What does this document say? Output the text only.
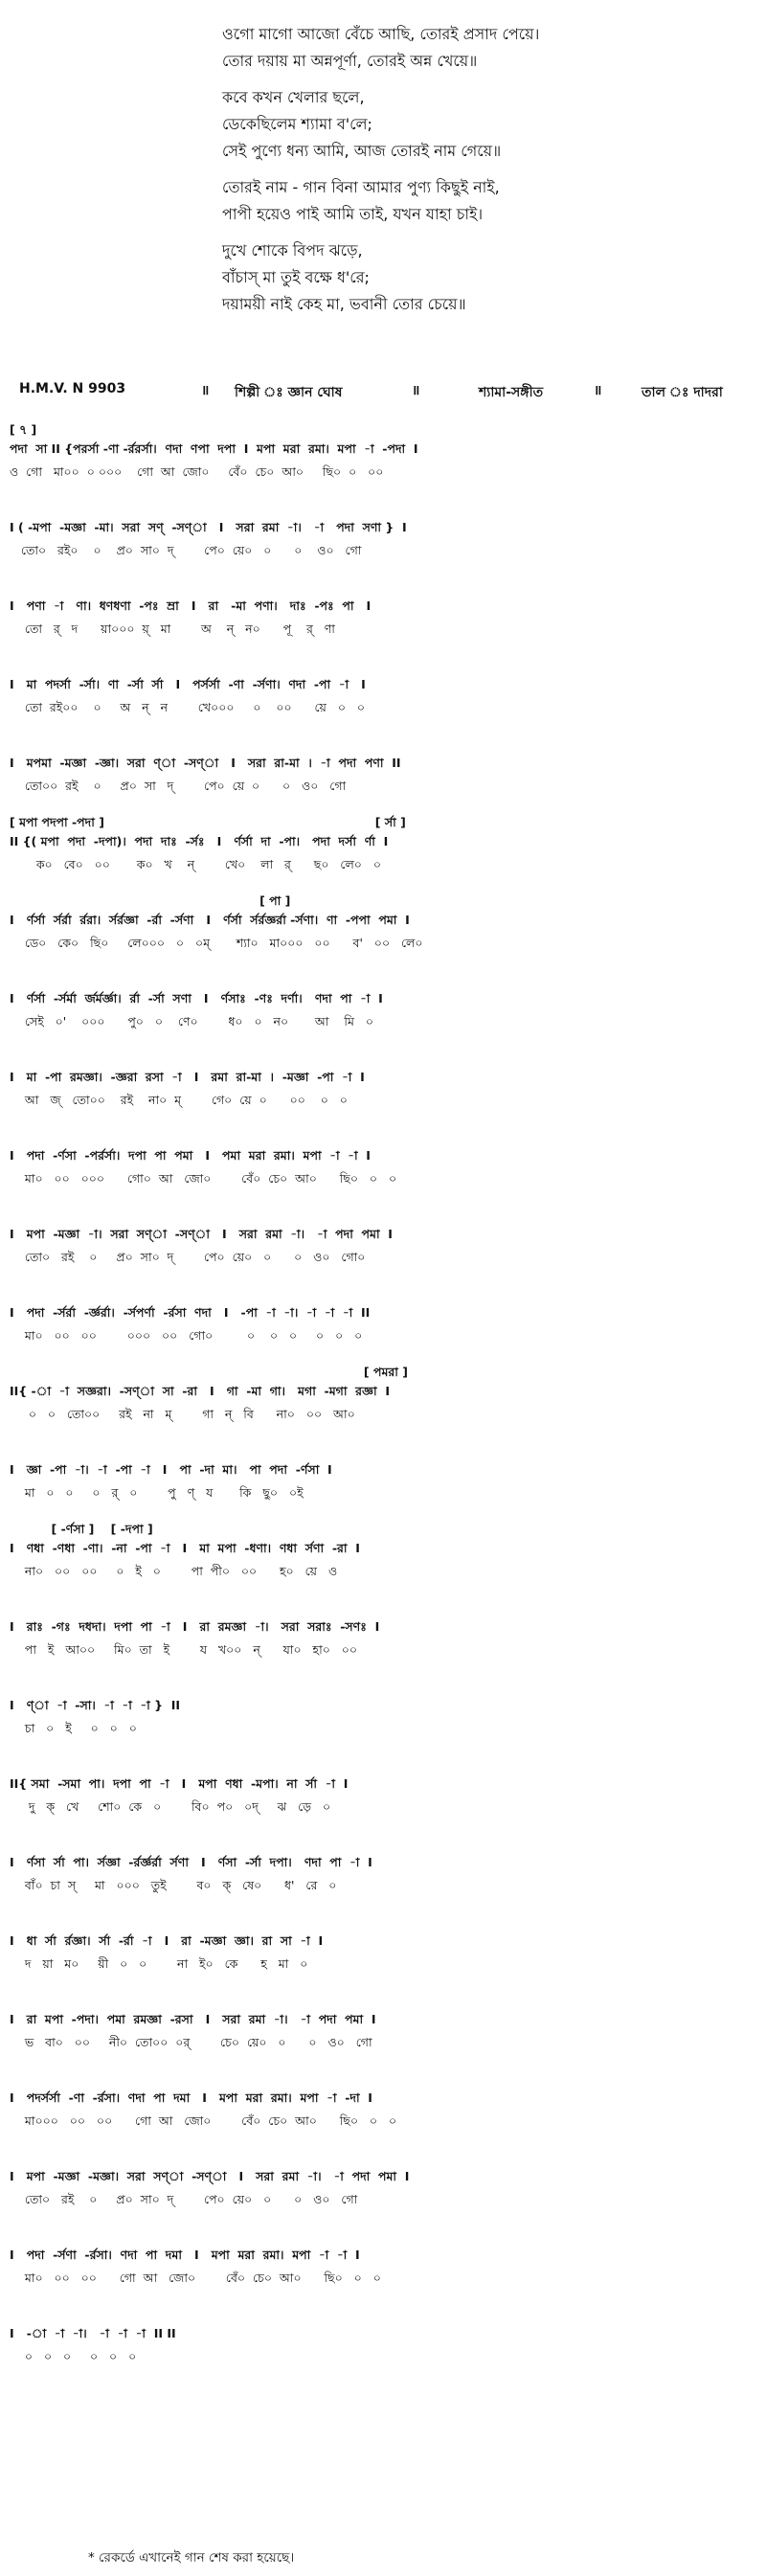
ওগো মাগো আজো বেঁচে আছি, তোরই প্রসাদ পেয়ে।

তোর দয়ায় মা অন্নপূর্ণা, তোরই অন্ন খেয়ে॥

কবে কখন খেলার ছলে,

ডেকেছিলেম শ্যামা ব'লে;

সেই পুণ্যে ধন্য আমি, আজ তোরই নাম গেয়ে॥

তোরই নাম - গান বিনা আমার পুণ্য কিছুই নাই,

পাপী হয়েও পাই আমি তাই, যখন যাহা চাই।

দুখে শোকে বিপদ ঝড়ে,

বাঁচাস্ মা তুই বক্ষে ধ'রে;

দয়াময়ী নাই কেহ মা, ভবানী তোর চেয়ে॥

H.M.V. N 9903	॥ শিল্পী ঃ জ্ঞান ঘোষ	॥	শ্যামা-সঙ্গীত	॥	তাল ঃ দাদরা
[ ৭ ]
পদা  সা II {পরর্সা -ণা -র্ররর্সা।  ণদা  ণপা  দপা  I  মপা  মরা  রমা।  মপা  -া  -পদা  I
ও  গো   মা০০  ০ ০০০    গো  আ  জো০     বেঁ০  চে০  আ০     ছি০  ০   ০০
I ( -মপা  -মজ্ঞা  -মা।  সরা  সণ্  -সণ্া   I   সরা  রমা  -া।   -া   পদা  সণা }  I
তো০   রই০    ০    প্র০  সা০  দ্        পে০  য়ে০   ০      ০    ও০   গো
I   পণা  -া   ণা।  ধণধণা  -পঃ  ম্রা   I   রা   -মা  পণা।   দাঃ  -পঃ  পা   I
তো   র্   দ      য়া০০০  য়্   মা        অ    ন্   ন০      পূ    র্   ণা
I   মা  পদর্সা  -র্সা।  ণা  -র্সা  র্সা   I   পর্সর্সা  -ণা  -র্সণা।  ণদা  -পা  -া   I
তো  রই০০    ০     অ   ন্   ন        খে০০০     ০    ০০      য়ে   ০   ০
I   মপমা  -মজ্ঞা  -জ্ঞা।  সরা  ণ্া  -সণ্া   I   সরা  রা-মা  ।  -া  পদা  পণা  II
তো০০  রই    ০     প্র০  সা   দ্        পে০  য়ে  ০      ০   ও০   গো
[ মপা পদপা -পদা ]                                                                 [ র্সা ]
II {( মপা  পদা  -দপা)।  পদা  দাঃ  -র্সঃ   I   র্ণর্সা  দা  -পা।   পদা  দর্সা  র্ণা  I
ক০   বে০   ০০       ক০   খ    ন্        খে০    লা   র্      ছ০   লে০   ০
[ পা ]
I   র্ণর্সা  র্সর্রা  র্ররা।  র্সর্রজ্ঞা  -র্রা  -র্সণা   I   র্ণর্সা  র্সর্রজ্ঞর্রা -র্সণা।  ণা  -পপা  পমা  I
ডে০   কে০   ছি০     লে০০০   ০   ০ম্       শ্যা০   মা০০০   ০০      ব'   ০০   লে০
I   র্ণর্সা  -র্সর্মা  র্জর্মর্জ্ঞা।  র্রা  -র্সা  সণা   I   র্ণসাঃ  -ণঃ  দর্ণা।   ণদা  পা  -া  I
সেই   ০'    ০০০      পু০   ০    ণে০        ধ০   ০   ন০       আ    মি   ০
I   মা  -পা  রমজ্ঞা।  -জ্ঞরা  রসা  -া   I   রমা  রা-মা  ।  -মজ্ঞা  -পা  -া  I
আ   জ্   তো০০    রই    না০  ম্        গে০  য়ে  ০      ০০    ০   ০
I   পদা  -র্ণসা  -পর্রর্সা।  দপা  পা  পমা   I   পমা  মরা  রমা।  মপা  -া  -া  I
মা০   ০০   ০০০      গো০  আ   জো০        বেঁ০  চে০  আ০      ছি০   ০   ০
I   মপা  -মজ্ঞা  -া।  সরা  সণ্া  -সণ্া   I   সরা  রমা  -া।   -া  পদা  পমা  I
তো০   রই    ০     প্র০  সা০  দ্        পে০  য়ে০   ০      ০   ও০   গো০
I   পদা  -র্সর্রা  -র্জ্ঞর্রা।  -র্সপর্ণা  -র্রসা  ণদা   I   -পা  -া  -া।  -া  -া  -া  II
মা০   ০০   ০০        ০০০   ০০   গো০         ০    ০   ০     ০   ০   ০
[ পমরা ]
II{ -া  -া  সজ্ঞরা।  -সণ্া  সা  -রা   I   গা  -মা  গা।   মগা  -মগা  রজ্ঞা  I
০   ০   তো০০     রই   না   ম্        গা   ন্   বি      না০   ০০   আ০
I   জ্ঞা  -পা  -া।  -া  -পা  -া   I   পা  -দা  মা।   পা  পদা  -র্ণসা  I
মা   ০   ০     ০   র্   ০        পু   ণ্   য       কি   ছু০   ০ই
[ -র্ণসা ]    [ -দপা ]
I   ণধা  -ণধা  -ণা।  -না  -পা  -া   I   মা  মপা  -ধণা।  ণধা  র্সণা  -রা  I
না০   ০০   ০০     ০   ই   ০        পা  পী০   ০০      হ০   য়ে   ও
I   রাঃ  -গঃ  দধদা।  দপা  পা  -া   I   রা  রমজ্ঞা  -া।   সরা  সরাঃ  -সণঃ  I
পা   ই   আ০০     মি০  তা   ই        য   খ০০   ন্      যা০   হা০   ০০
I   ণ্া  -া  -সা।  -া  -া  -া }  II
চা   ০   ই     ০   ০   ০
II{ সমা  -সমা  পা।  দপা  পা  -া   I   মপা  ণধা  -মপা।  না  র্সা  -া  I
দু   ক্   খে     শো০  কে   ০        বি০  প০   ০দ্     ঝ   ড়ে   ০
I   র্ণসা  র্সা  পা।  র্সজ্ঞা  -র্রর্জ্ঞর্রা  র্সণা   I   র্ণসা  -র্সা  দপা।   ণদা  পা  -া  I
বাঁ০  চা  স্     মা   ০০০   তুই        ব০   ক্   ষে০      ধ'   রে   ০
I   ধা  র্সা  র্রজ্ঞা।  র্সা  -র্রা  -া   I   রা  -মজ্ঞা  জ্ঞা।  রা  সা  -া  I
দ   য়া   ম০     য়ী   ০   ০        না   ই০   কে      হ   মা   ০
I   রা  মপা  -পদা।  পমা  রমজ্ঞা  -রসা   I   সরা  রমা  -া।   -া  পদা  পমা  I
ভ   বা০   ০০     নী০  তো০০  ০র্        চে০  য়ে০   ০      ০   ও০   গো
I   পদর্সর্সা  -ণা  -র্রসা।  ণদা  পা  দমা   I   মপা  মরা  রমা।  মপা  -া  -দা  I
মা০০০   ০০   ০০      গো  আ   জো০        বেঁ০  চে০  আ০      ছি০   ০   ০
I   মপা  -মজ্ঞা  -মজ্ঞা।  সরা  সণ্া  -সণ্া   I   সরা  রমা  -া।   -া  পদা  পমা  I
তো০   রই    ০     প্র০  সা০  দ্        পে০  য়ে০   ০      ০   ও০   গো
I   পদা  -র্সণা  -র্রসা।  ণদা  পা  দমা   I   মপা  মরা  রমা।  মপা  -া  -া  I
মা০   ০০   ০০      গো  আ   জো০        বেঁ০  চে০  আ০      ছি০   ০   ০
I   -া  -া  -া।   -া  -া  -া  II II
০   ০   ০     ০   ০   ০

* রেকর্ডে এখানেই গান শেষ করা হয়েছে।
